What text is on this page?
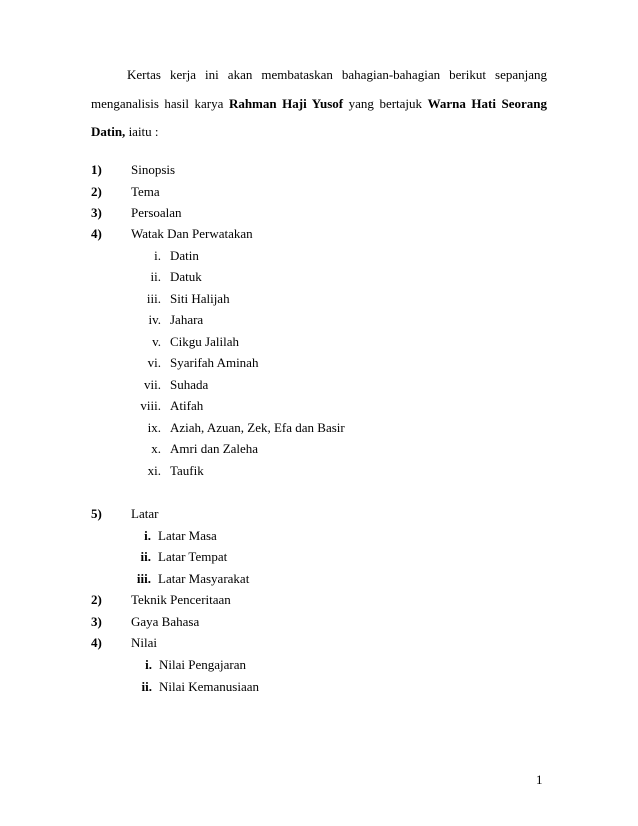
Kertas kerja ini akan membataskan bahagian-bahagian berikut sepanjang
menganalisis hasil karya Rahman Haji Yusof yang bertajuk Warna Hati Seorang
Datin, iaitu :
1) Sinopsis
2) Tema
3) Persoalan
4) Watak Dan Perwatakan
i. Datin
ii. Datuk
iii. Siti Halijah
iv. Jahara
v. Cikgu Jalilah
vi. Syarifah Aminah
vii. Suhada
viii. Atifah
ix. Aziah, Azuan, Zek, Efa dan Basir
x. Amri dan Zaleha
xi. Taufik
5) Latar
i. Latar Masa
ii. Latar Tempat
iii. Latar Masyarakat
2) Teknik Penceritaan
3) Gaya Bahasa
4) Nilai
i. Nilai Pengajaran
ii. Nilai Kemanusiaan
1
